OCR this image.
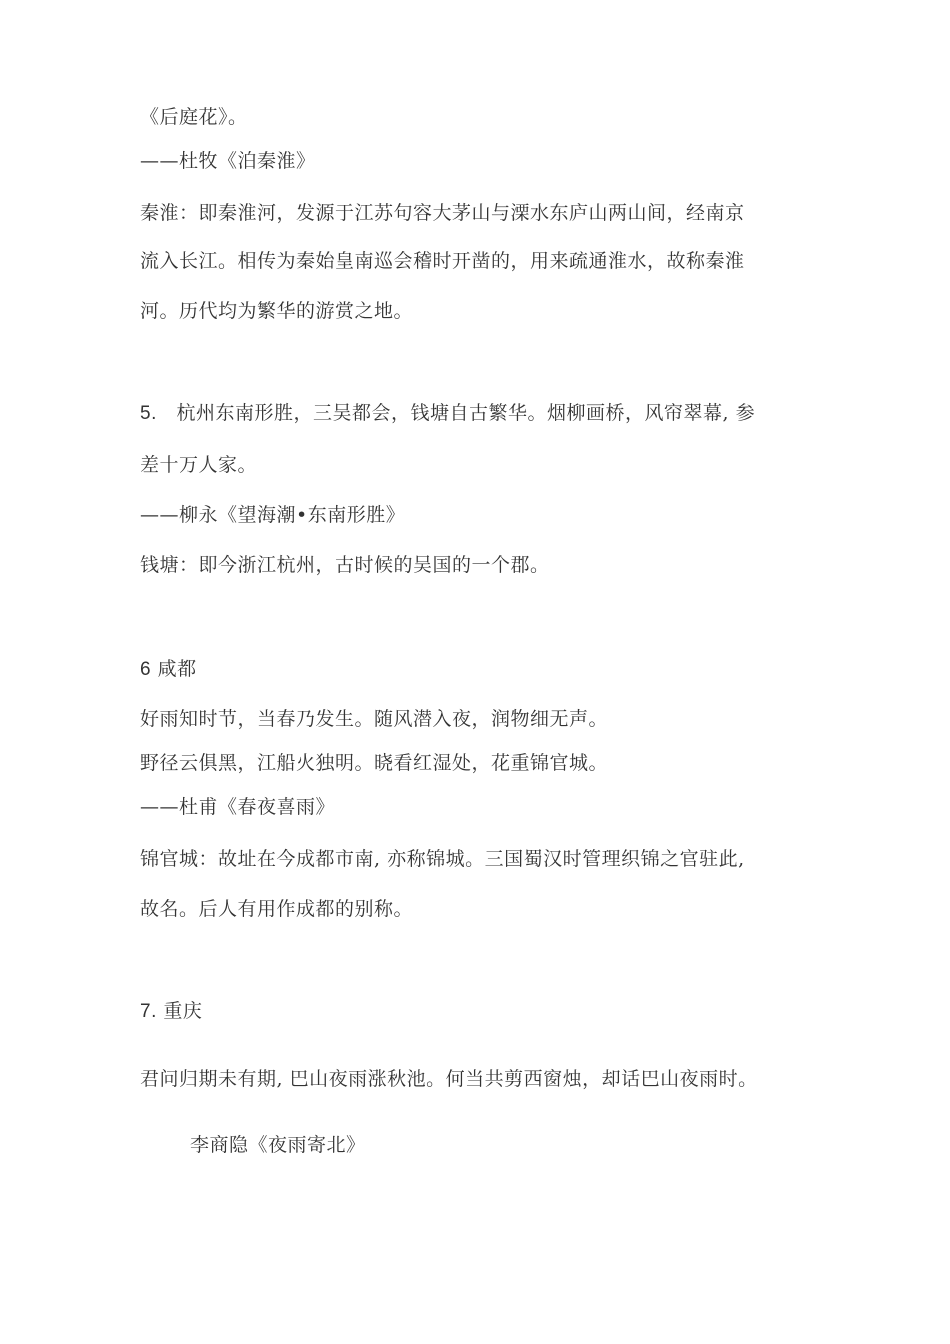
《后庭花》。
——杜牧《泊秦淮》
秦淮：即秦淮河，发源于江苏句容大茅山与溧水东庐山两山间，经南京
流入长江。相传为秦始皇南巡会稽时开凿的，用来疏通淮水，故称秦淮
河。历代均为繁华的游赏之地。
5. 杭州东南形胜，三吴都会，钱塘自古繁华。烟柳画桥，风帘翠幕, 参
差十万人家。
——柳永《望海潮•东南形胜》
钱塘：即今浙江杭州，古时候的吴国的一个郡。
6 咸都
好雨知时节，当春乃发生。随风潜入夜，润物细无声。
野径云俱黑，江船火独明。晓看红湿处，花重锦官城。
——杜甫《春夜喜雨》
锦官城：故址在今成都市南, 亦称锦城。三国蜀汉时管理织锦之官驻此,
故名。后人有用作成都的别称。
7. 重庆
君问归期未有期, 巴山夜雨涨秋池。何当共剪西窗烛，却话巴山夜雨时。
李商隐《夜雨寄北》
